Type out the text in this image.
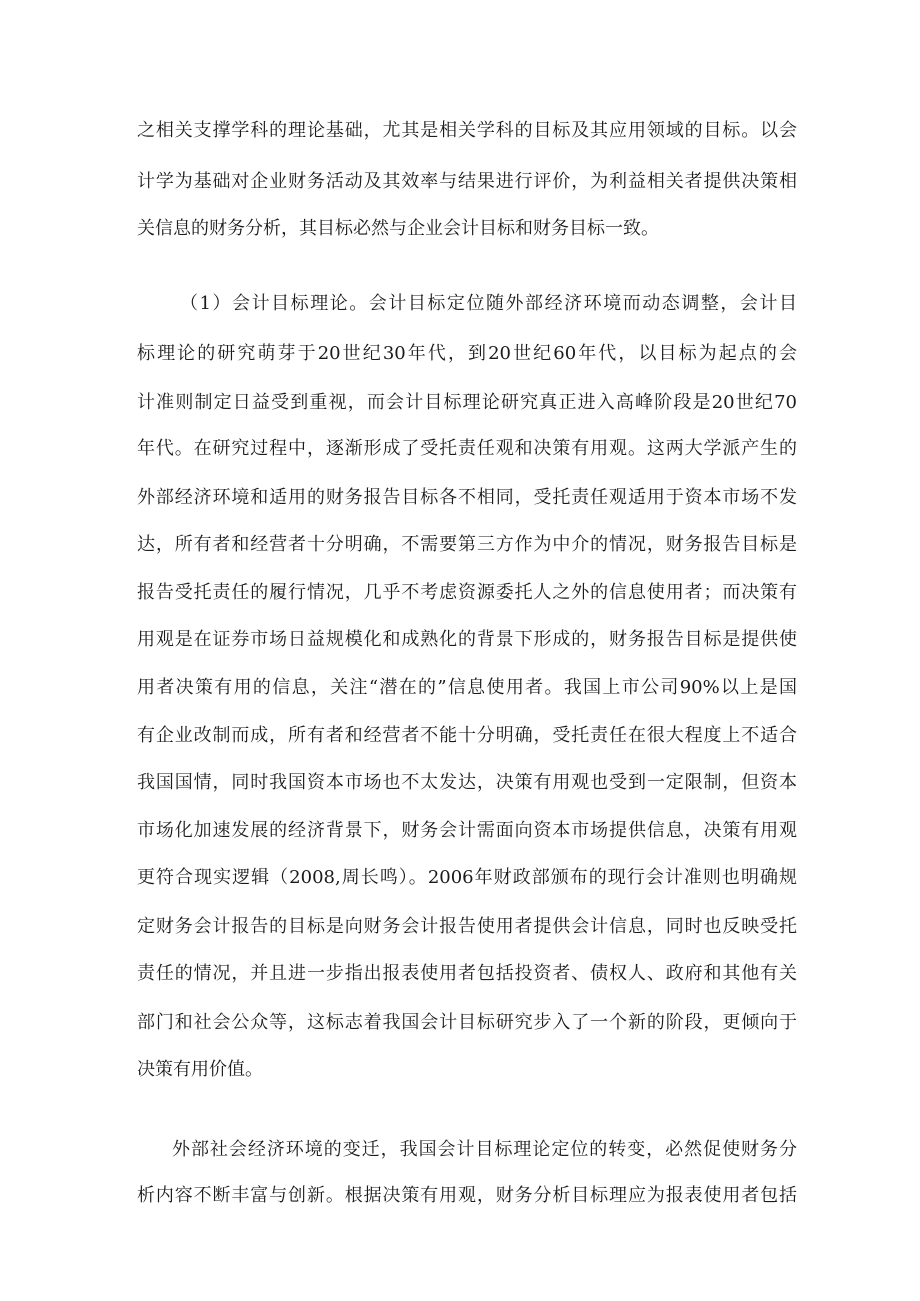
之相关支撑学科的理论基础，尤其是相关学科的目标及其应用领域的目标。以会
计学为基础对企业财务活动及其效率与结果进行评价，为利益相关者提供决策相
关信息的财务分析，其目标必然与企业会计目标和财务目标一致。
（1）会计目标理论。会计目标定位随外部经济环境而动态调整，会计目
标理论的研究萌芽于20世纪30年代，到20世纪60年代，以目标为起点的会
计准则制定日益受到重视，而会计目标理论研究真正进入高峰阶段是20世纪70
年代。在研究过程中，逐渐形成了受托责任观和决策有用观。这两大学派产生的
外部经济环境和适用的财务报告目标各不相同，受托责任观适用于资本市场不发
达，所有者和经营者十分明确，不需要第三方作为中介的情况，财务报告目标是
报告受托责任的履行情况，几乎不考虑资源委托人之外的信息使用者；而决策有
用观是在证券市场日益规模化和成熟化的背景下形成的，财务报告目标是提供使
用者决策有用的信息，关注“潜在的”信息使用者。我国上市公司90%以上是国
有企业改制而成，所有者和经营者不能十分明确，受托责任在很大程度上不适合
我国国情，同时我国资本市场也不太发达，决策有用观也受到一定限制，但资本
市场化加速发展的经济背景下，财务会计需面向资本市场提供信息，决策有用观
更符合现实逻辑（2008,周长鸣）。2006年财政部颁布的现行会计准则也明确规
定财务会计报告的目标是向财务会计报告使用者提供会计信息，同时也反映受托
责任的情况，并且进一步指出报表使用者包括投资者、债权人、政府和其他有关
部门和社会公众等，这标志着我国会计目标研究步入了一个新的阶段，更倾向于
决策有用价值。
外部社会经济环境的变迁，我国会计目标理论定位的转变，必然促使财务分
析内容不断丰富与创新。根据决策有用观，财务分析目标理应为报表使用者包括
